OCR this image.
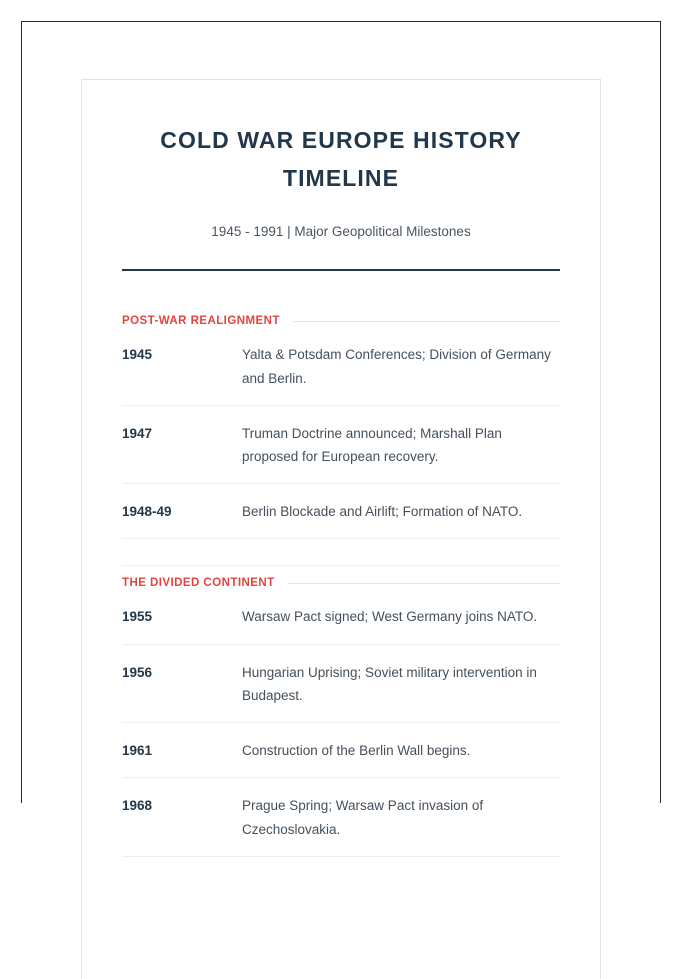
COLD WAR EUROPE HISTORY TIMELINE

1945 - 1991 | Major Geopolitical Milestones

POST-WAR REALIGNMENT
1945	Yalta & Potsdam Conferences; Division of Germany and Berlin.
1947	Truman Doctrine announced; Marshall Plan proposed for European recovery.
1948-49	Berlin Blockade and Airlift; Formation of NATO.
THE DIVIDED CONTINENT
1955	Warsaw Pact signed; West Germany joins NATO.
1956	Hungarian Uprising; Soviet military intervention in Budapest.
1961	Construction of the Berlin Wall begins.
1968	Prague Spring; Warsaw Pact invasion of Czechoslovakia.
